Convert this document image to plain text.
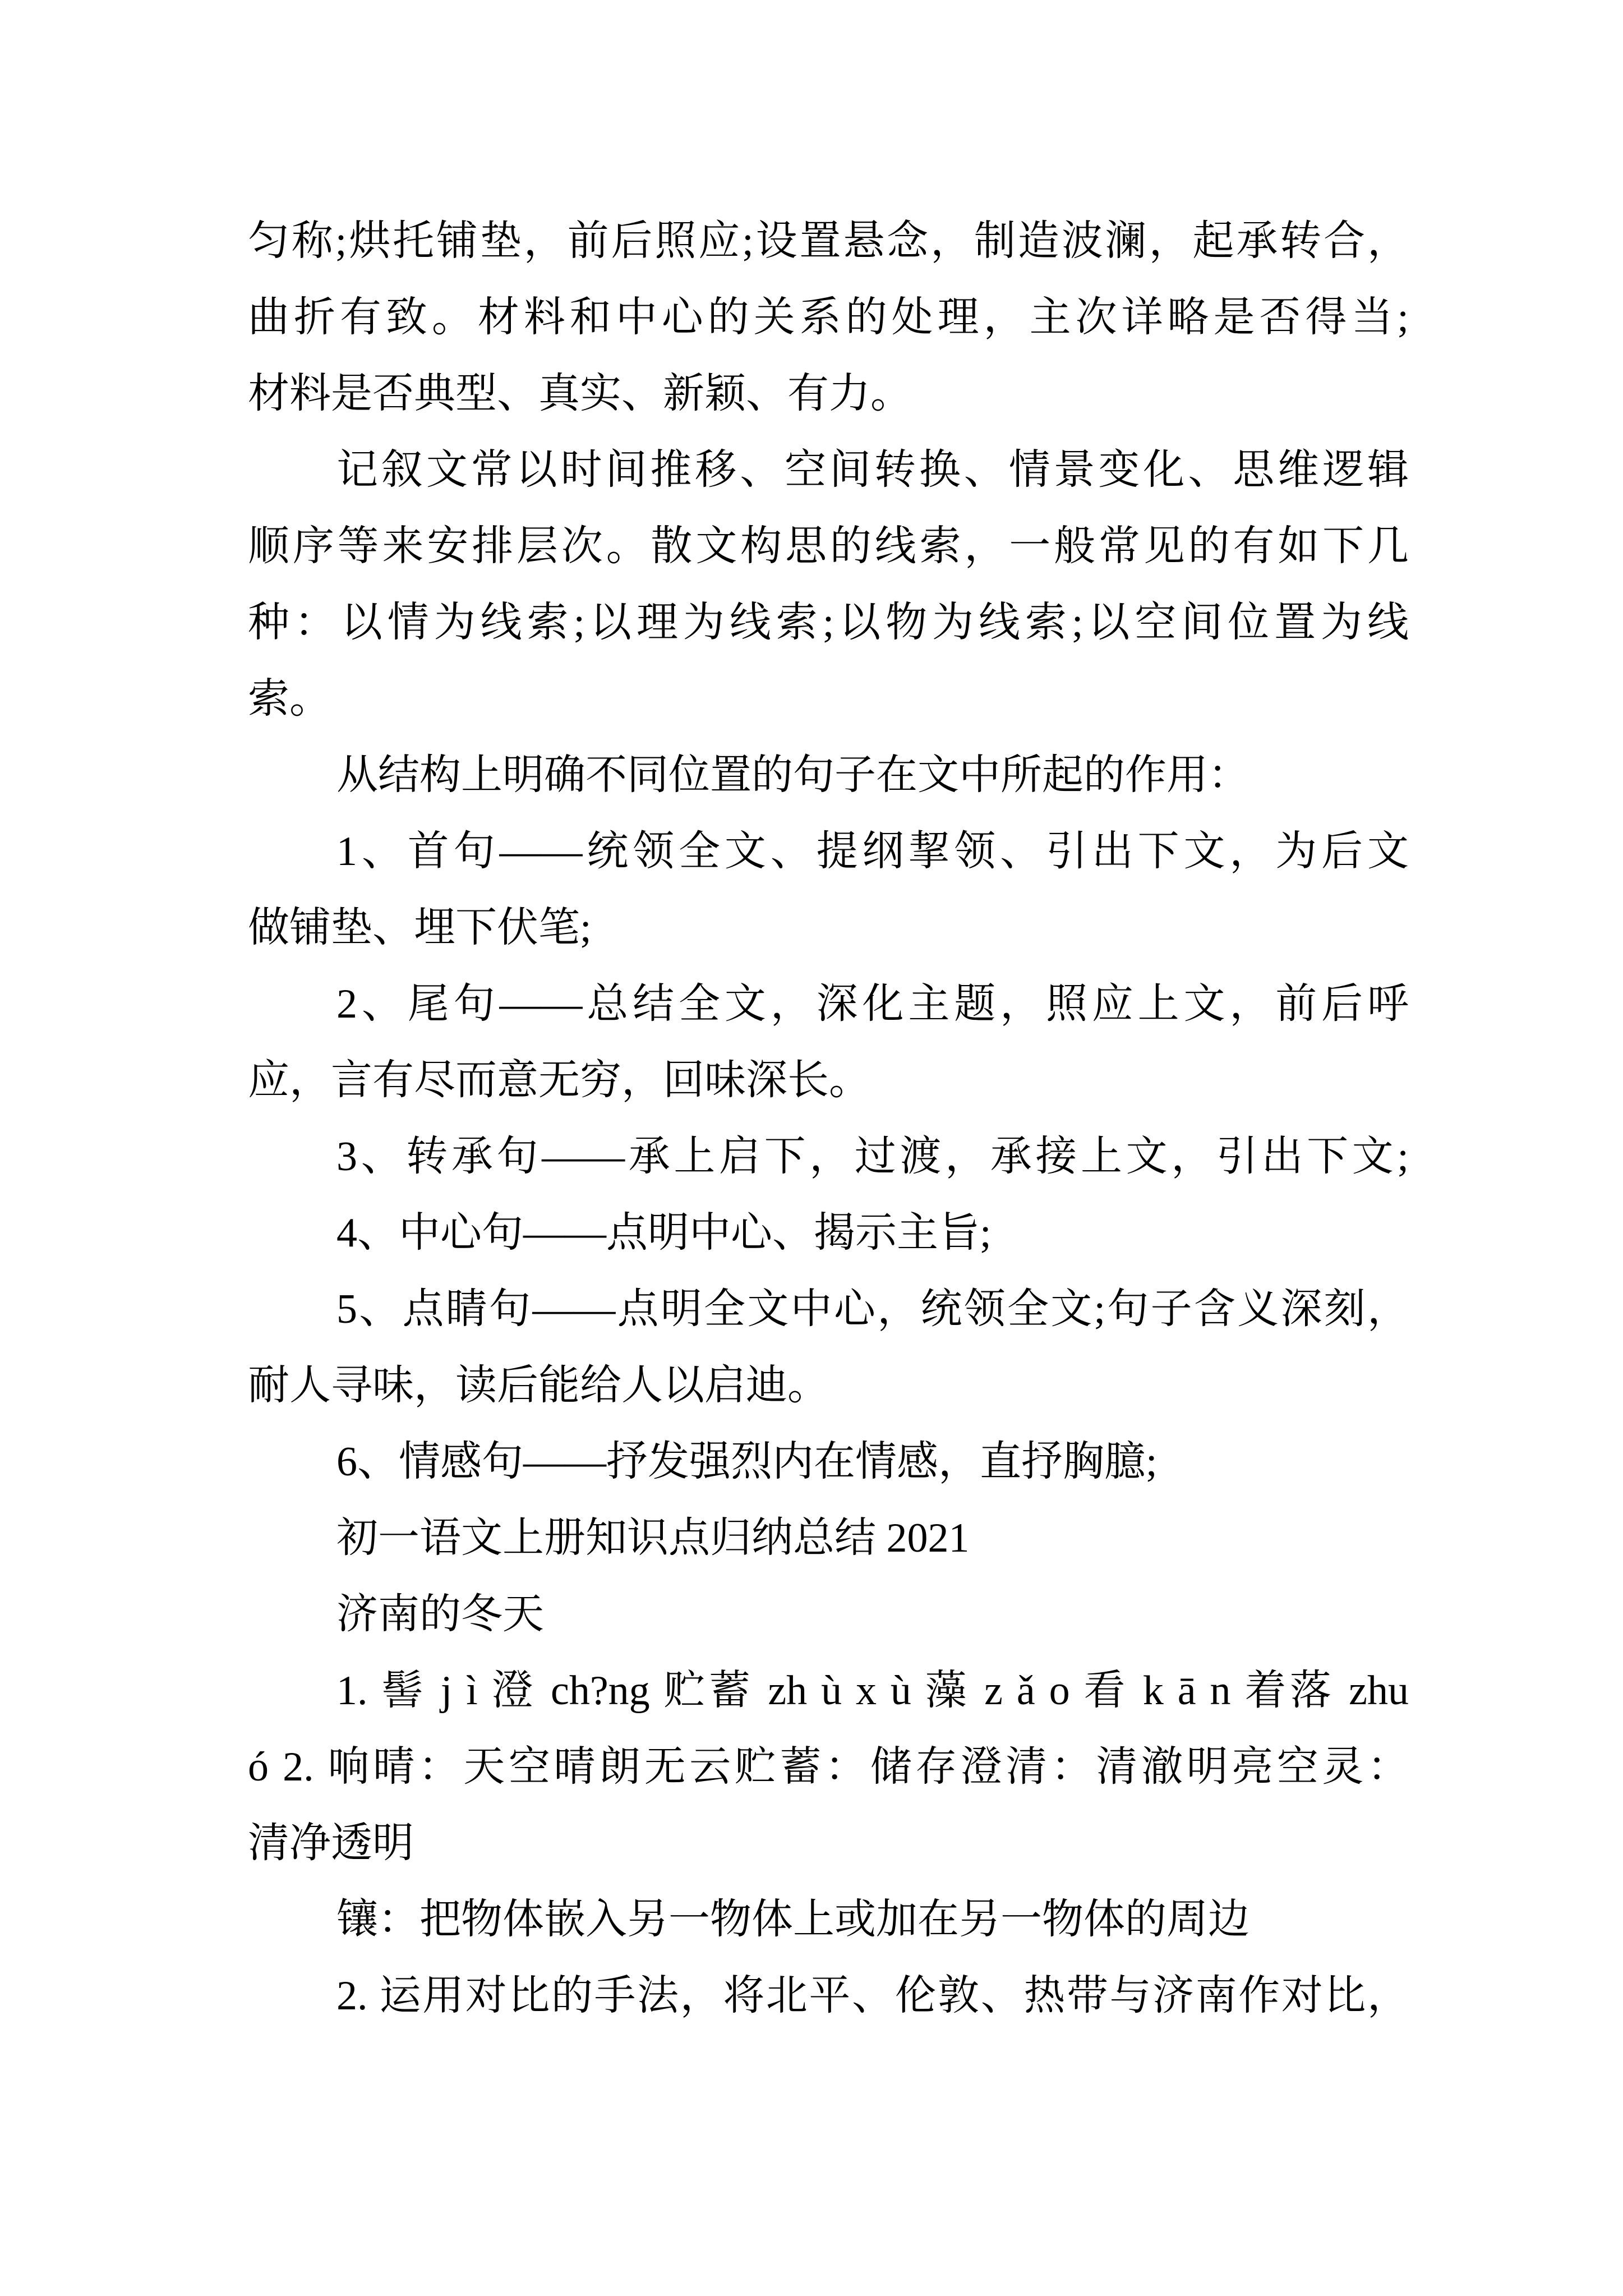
匀称;烘托铺垫，前后照应;设置悬念，制造波澜，起承转合，
曲折有致。材料和中心的关系的处理，主次详略是否得当;
材料是否典型、真实、新颖、有力。
记叙文常以时间推移、空间转换、情景变化、思维逻辑
顺序等来安排层次。散文构思的线索，一般常见的有如下几
种：以情为线索;以理为线索;以物为线索;以空间位置为线
索。
从结构上明确不同位置的句子在文中所起的作用：
1、首句——统领全文、提纲挈领、引出下文，为后文
做铺垫、埋下伏笔;
2、尾句——总结全文，深化主题，照应上文，前后呼
应，言有尽而意无穷，回味深长。
3、转承句——承上启下，过渡，承接上文，引出下文;
4、中心句——点明中心、揭示主旨;
5、点睛句——点明全文中心，统领全文;句子含义深刻，
耐人寻味，读后能给人以启迪。
6、情感句——抒发强烈内在情感，直抒胸臆;
初一语文上册知识点归纳总结 2021
济南的冬天
1. 髻 j ì 澄 ch?ng 贮蓄 zh ù x ù 藻 z ǎ o 看 k ā n 着落 zhu
ó 2. 响晴：天空晴朗无云贮蓄：储存澄清：清澈明亮空灵：
清净透明
镶：把物体嵌入另一物体上或加在另一物体的周边
2. 运用对比的手法，将北平、伦敦、热带与济南作对比，
